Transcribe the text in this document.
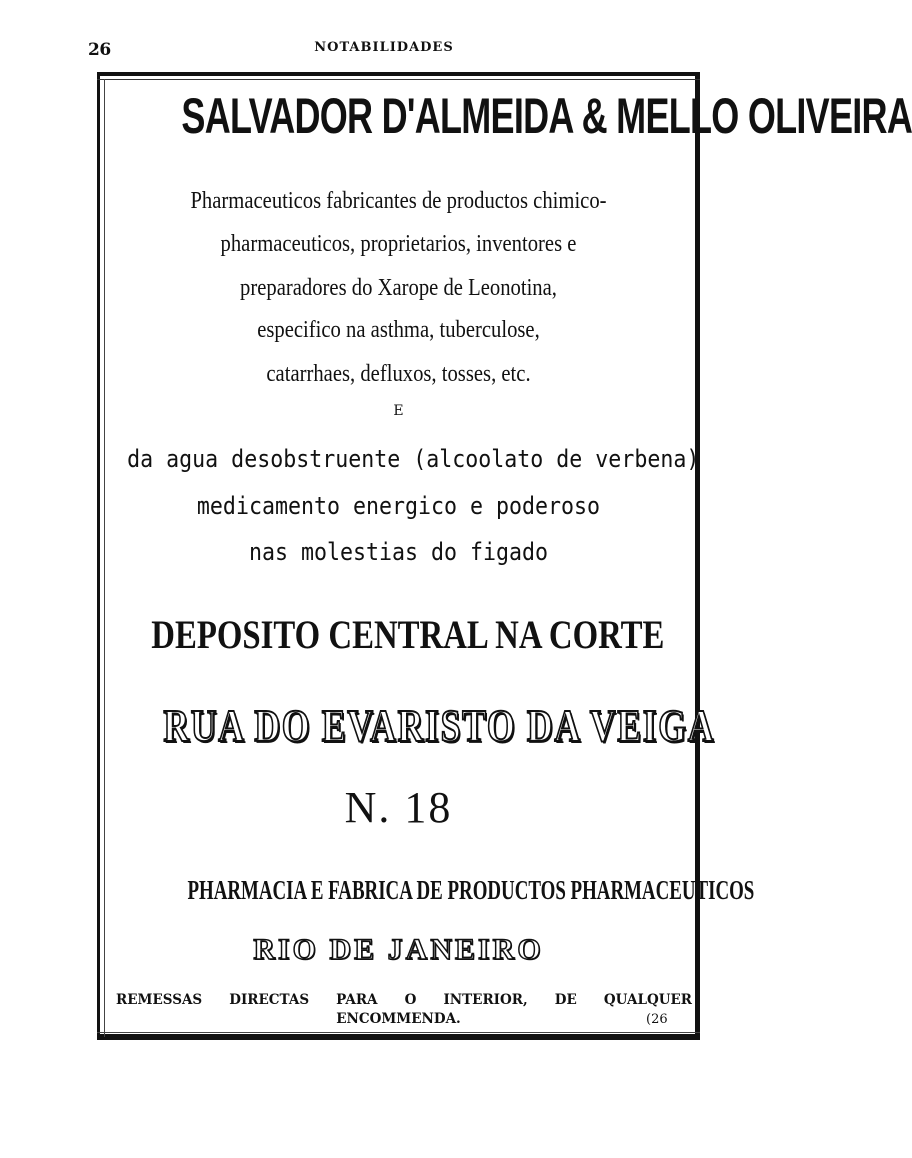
26	NOTABILIDADES
SALVADOR D'ALMEIDA & MELLO OLIVEIRA
Pharmaceuticos fabricantes de productos chimico-
pharmaceuticos, proprietarios, inventores e
preparadores do Xarope de Leonotina,
especifico na asthma, tuberculose,
catarrhaes, defluxos, tosses, etc.
E
da agua desobstruente (alcoolato de verbena)
medicamento energico e poderoso
nas molestias do figado
DEPOSITO CENTRAL NA CORTE
RUA DO EVARISTO DA VEIGA
N. 18
PHARMACIA E FABRICA DE PRODUCTOS PHARMACEUTICOS
RIO DE JANEIRO
REMESSAS DIRECTAS PARA O INTERIOR, DE QUALQUER
ENCOMMENDA.	(26
